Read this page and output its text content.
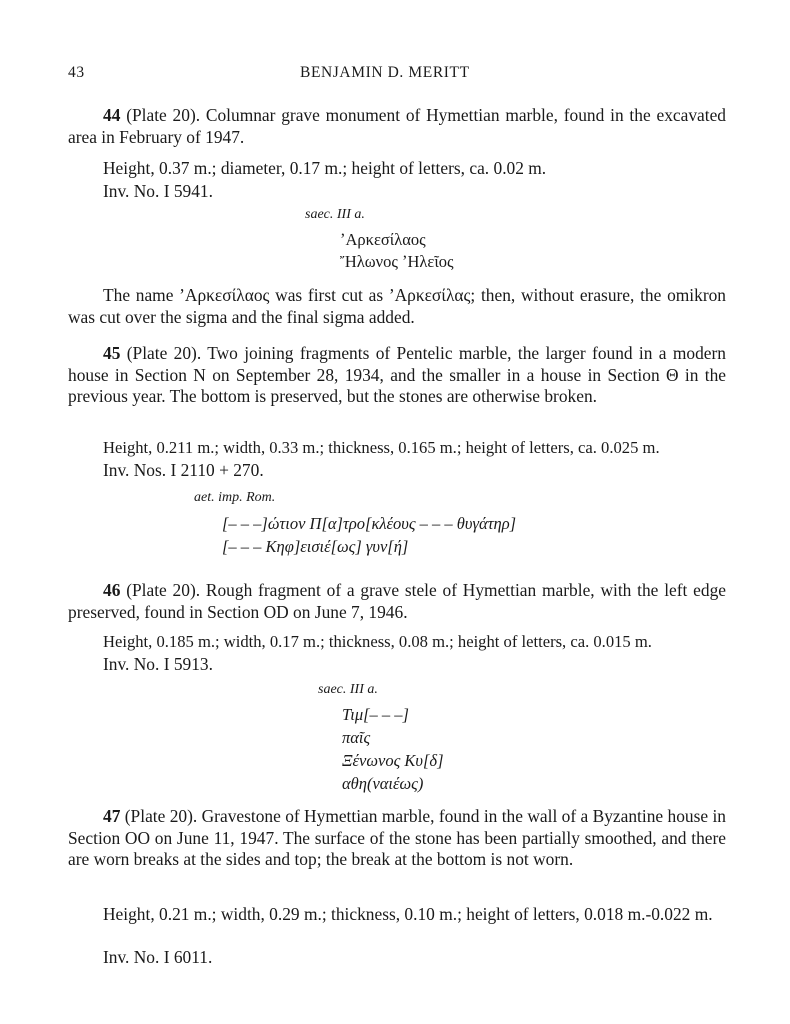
43	BENJAMIN D. MERITT
44 (Plate 20). Columnar grave monument of Hymettian marble, found in the excavated area in February of 1947.
Height, 0.37 m.; diameter, 0.17 m.; height of letters, ca. 0.02 m.
Inv. No. I 5941.
saec. III a.
ʼΑρκεσίλαος
Ἤλωνος ʼΗλεῖος
The name ʼΑρκεσίλαος was first cut as ʼΑρκεσίλας; then, without erasure, the omikron was cut over the sigma and the final sigma added.
45 (Plate 20). Two joining fragments of Pentelic marble, the larger found in a modern house in Section N on September 28, 1934, and the smaller in a house in Section Θ in the previous year. The bottom is preserved, but the stones are otherwise broken.
Height, 0.211 m.; width, 0.33 m.; thickness, 0.165 m.; height of letters, ca. 0.025 m.
Inv. Nos. I 2110 + 270.
aet. imp. Rom.
[– – –]ώτιον Π[α]τρο[κλέους – – – θυγάτηρ]
[– – – Κηφ]εισιέ[ως] γυν[ή]
46 (Plate 20). Rough fragment of a grave stele of Hymettian marble, with the left edge preserved, found in Section OD on June 7, 1946.
Height, 0.185 m.; width, 0.17 m.; thickness, 0.08 m.; height of letters, ca. 0.015 m.
Inv. No. I 5913.
saec. III a.
Τιμ[– – –]
παῖς
Ξένωνος Κυ[δ]
αθη(ναιέως)
47 (Plate 20). Gravestone of Hymettian marble, found in the wall of a Byzantine house in Section OO on June 11, 1947. The surface of the stone has been partially smoothed, and there are worn breaks at the sides and top; the break at the bottom is not worn.
Height, 0.21 m.; width, 0.29 m.; thickness, 0.10 m.; height of letters, 0.018 m.-0.022 m.
Inv. No. I 6011.
